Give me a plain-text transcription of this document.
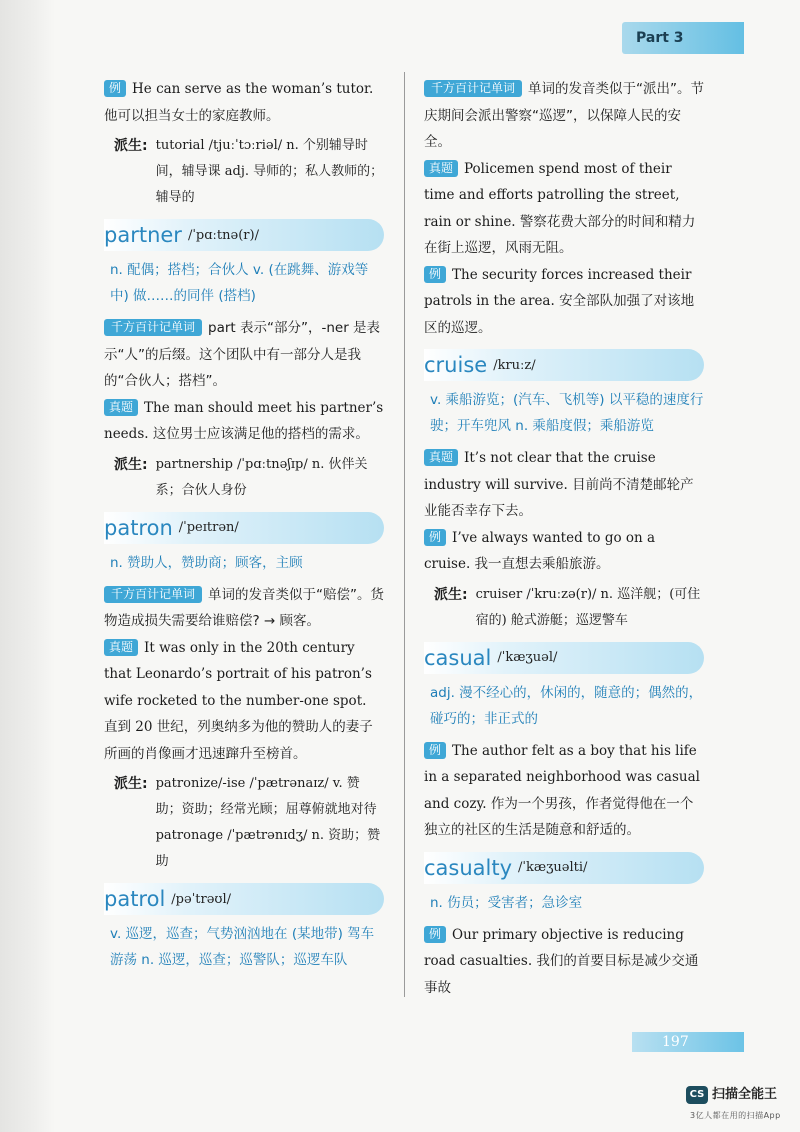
Part 3

例 He can serve as the woman’s tutor. 他可以担当女士的家庭教师。

派生: tutorial /tjuːˈtɔːriəl/ n. 个别辅导时间，辅导课 adj. 导师的；私人教师的；辅导的
partner /ˈpɑːtnə(r)/

n. 配偶；搭档；合伙人 v. (在跳舞、游戏等中) 做……的同伴 (搭档)

千方百计记单词 part 表示“部分”，-ner 是表示“人”的后缀。这个团队中有一部分人是我的“合伙人；搭档”。

真题 The man should meet his partner’s needs. 这位男士应该满足他的搭档的需求。

派生: partnership /ˈpɑːtnəʃɪp/ n. 伙伴关系；合伙人身份
patron /ˈpeɪtrən/

n. 赞助人，赞助商；顾客，主顾

千方百计记单词 单词的发音类似于“赔偿”。货物造成损失需要给谁赔偿? → 顾客。

真题 It was only in the 20th century that Leonardo’s portrait of his patron’s wife rocketed to the number-one spot. 直到 20 世纪，列奥纳多为他的赞助人的妻子所画的肖像画才迅速蹿升至榜首。

派生: patronize/-ise /ˈpætrənaɪz/ v. 赞助；资助；经常光顾；屈尊俯就地对待 patronage /ˈpætrənɪdʒ/ n. 资助；赞助
patrol /pəˈtrəʊl/

v. 巡逻，巡查；气势汹汹地在 (某地带) 驾车游荡 n. 巡逻，巡查；巡警队；巡逻车队

千方百计记单词 单词的发音类似于“派出”。节庆期间会派出警察“巡逻”，以保障人民的安全。

真题 Policemen spend most of their time and efforts patrolling the street, rain or shine. 警察花费大部分的时间和精力在街上巡逻，风雨无阻。

例 The security forces increased their patrols in the area. 安全部队加强了对该地区的巡逻。

cruise /kruːz/

v. 乘船游览；(汽车、飞机等) 以平稳的速度行驶；开车兜风 n. 乘船度假；乘船游览

真题 It’s not clear that the cruise industry will survive. 目前尚不清楚邮轮产业能否幸存下去。

例 I’ve always wanted to go on a cruise. 我一直想去乘船旅游。

派生: cruiser /ˈkruːzə(r)/ n. 巡洋舰；(可住宿的) 舱式游艇；巡逻警车
casual /ˈkæʒuəl/

adj. 漫不经心的，休闲的，随意的；偶然的，碰巧的；非正式的

例 The author felt as a boy that his life in a separated neighborhood was casual and cozy. 作为一个男孩，作者觉得他在一个独立的社区的生活是随意和舒适的。

casualty /ˈkæʒuəlti/

n. 伤员；受害者；急诊室

例 Our primary objective is reducing road casualties. 我们的首要目标是减少交通事故

197
CS 扫描全能王
3亿人都在用的扫描App
